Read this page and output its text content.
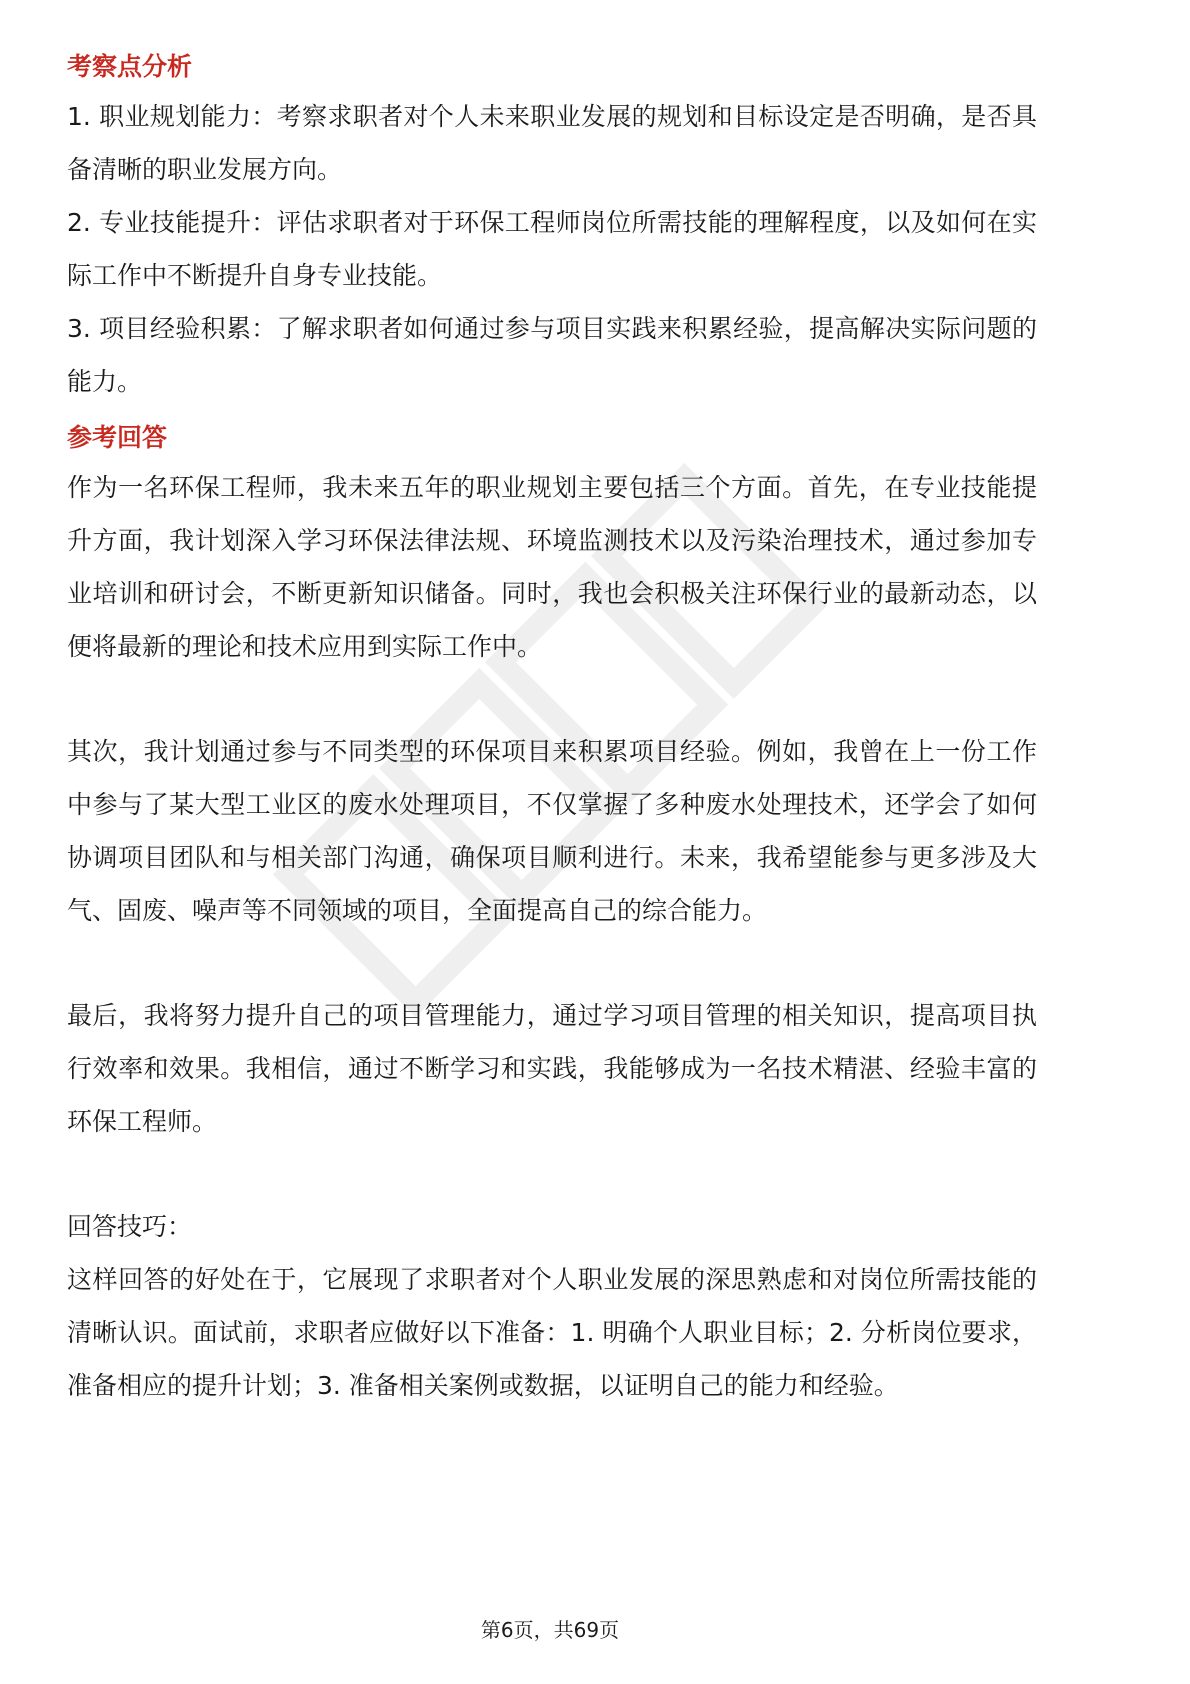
考察点分析

1. 职业规划能力：考察求职者对个人未来职业发展的规划和目标设定是否明确，是否具备清晰的职业发展方向。

2. 专业技能提升：评估求职者对于环保工程师岗位所需技能的理解程度，以及如何在实际工作中不断提升自身专业技能。

3. 项目经验积累：了解求职者如何通过参与项目实践来积累经验，提高解决实际问题的能力。

参考回答

作为一名环保工程师，我未来五年的职业规划主要包括三个方面。首先，在专业技能提升方面，我计划深入学习环保法律法规、环境监测技术以及污染治理技术，通过参加专业培训和研讨会，不断更新知识储备。同时，我也会积极关注环保行业的最新动态，以便将最新的理论和技术应用到实际工作中。

其次，我计划通过参与不同类型的环保项目来积累项目经验。例如，我曾在上一份工作中参与了某大型工业区的废水处理项目，不仅掌握了多种废水处理技术，还学会了如何协调项目团队和与相关部门沟通，确保项目顺利进行。未来，我希望能参与更多涉及大气、固废、噪声等不同领域的项目，全面提高自己的综合能力。

最后，我将努力提升自己的项目管理能力，通过学习项目管理的相关知识，提高项目执行效率和效果。我相信，通过不断学习和实践，我能够成为一名技术精湛、经验丰富的环保工程师。

回答技巧：

这样回答的好处在于，它展现了求职者对个人职业发展的深思熟虑和对岗位所需技能的清晰认识。面试前，求职者应做好以下准备：1. 明确个人职业目标；2. 分析岗位要求，准备相应的提升计划；3. 准备相关案例或数据，以证明自己的能力和经验。

第6页，共69页
